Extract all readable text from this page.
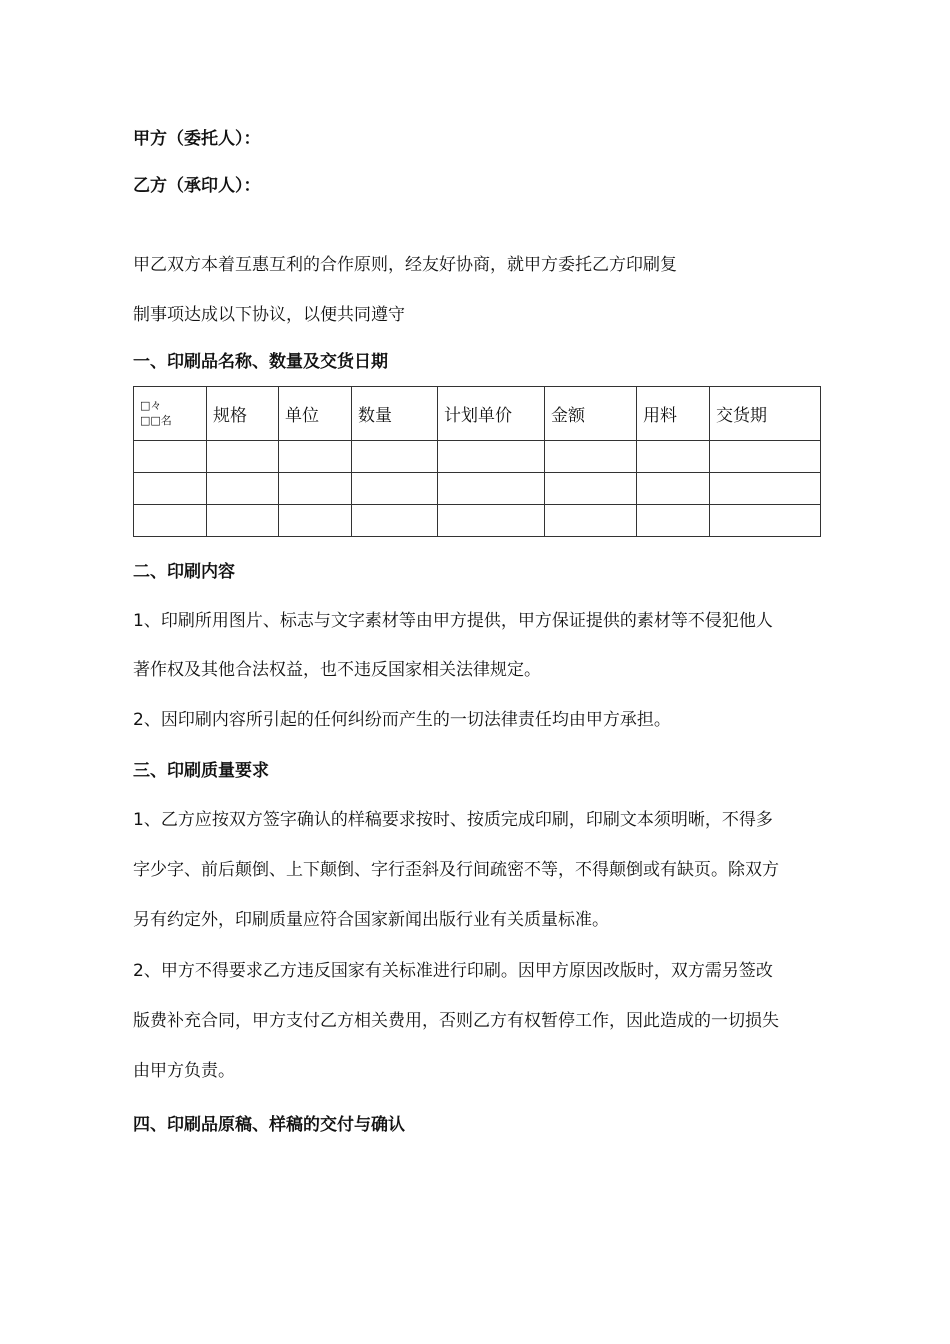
甲方（委托人）：
乙方（承印人）：
甲乙双方本着互惠互利的合作原则，经友好协商，就甲方委托乙方印刷复
制事项达成以下协议，以便共同遵守
一、印刷品名称、数量及交货日期
□々
□□名	规格	单位	数量	计划单价	金额	用料	交货期

二、印刷内容
1、印刷所用图片、标志与文字素材等由甲方提供，甲方保证提供的素材等不侵犯他人
著作权及其他合法权益，也不违反国家相关法律规定。
2、因印刷内容所引起的任何纠纷而产生的一切法律责任均由甲方承担。
三、印刷质量要求
1、乙方应按双方签字确认的样稿要求按时、按质完成印刷，印刷文本须明晰，不得多
字少字、前后颠倒、上下颠倒、字行歪斜及行间疏密不等，不得颠倒或有缺页。除双方
另有约定外，印刷质量应符合国家新闻出版行业有关质量标准。
2、甲方不得要求乙方违反国家有关标准进行印刷。因甲方原因改版时，双方需另签改
版费补充合同，甲方支付乙方相关费用，否则乙方有权暂停工作，因此造成的一切损失
由甲方负责。
四、印刷品原稿、样稿的交付与确认
